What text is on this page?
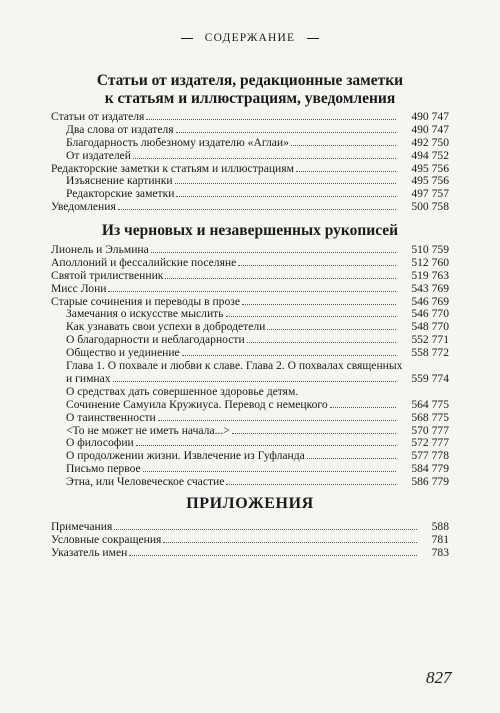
СОДЕРЖАНИЕ
Статьи от издателя, редакционные заметки
к статьям и иллюстрациям, уведомления
Статьи от издателя	490 747
Два слова от издателя	490 747
Благодарность любезному издателю «Аглаи»	492 750
От издателей	494 752
Редакторские заметки к статьям и иллюстрациям	495 756
Изъяснение картинки	495 756
Редакторские заметки	497 757
Уведомления	500 758
Из черновых и незавершенных рукописей
Лионель и Эльмина	510 759
Аполлоний и фессалийские поселяне	512 760
Святой трилиственник	519 763
Мисс Лони	543 769
Старые сочинения и переводы в прозе	546 769
Замечания о искусстве мыслить	546 770
Как узнавать свои успехи в добродетели	548 770
О благодарности и неблагодарности	552 771
Общество и уединение	558 772
Глава 1. О похвале и любви к славе. Глава 2. О похвалах священных
и гимнах	559 774
О средствах дать совершенное здоровье детям.
Сочинение Самуила Кружиуса. Перевод с немецкого	564 775
О таинственности	568 775
<То не может не иметь начала...>	570 777
О философии	572 777
О продолжении жизни. Извлечение из Гуфланда	577 778
Письмо первое	584 779
Этна, или Человеческое счастие	586 779
ПРИЛОЖЕНИЯ
Примечания	588
Условные сокращения	781
Указатель имен	783
827
